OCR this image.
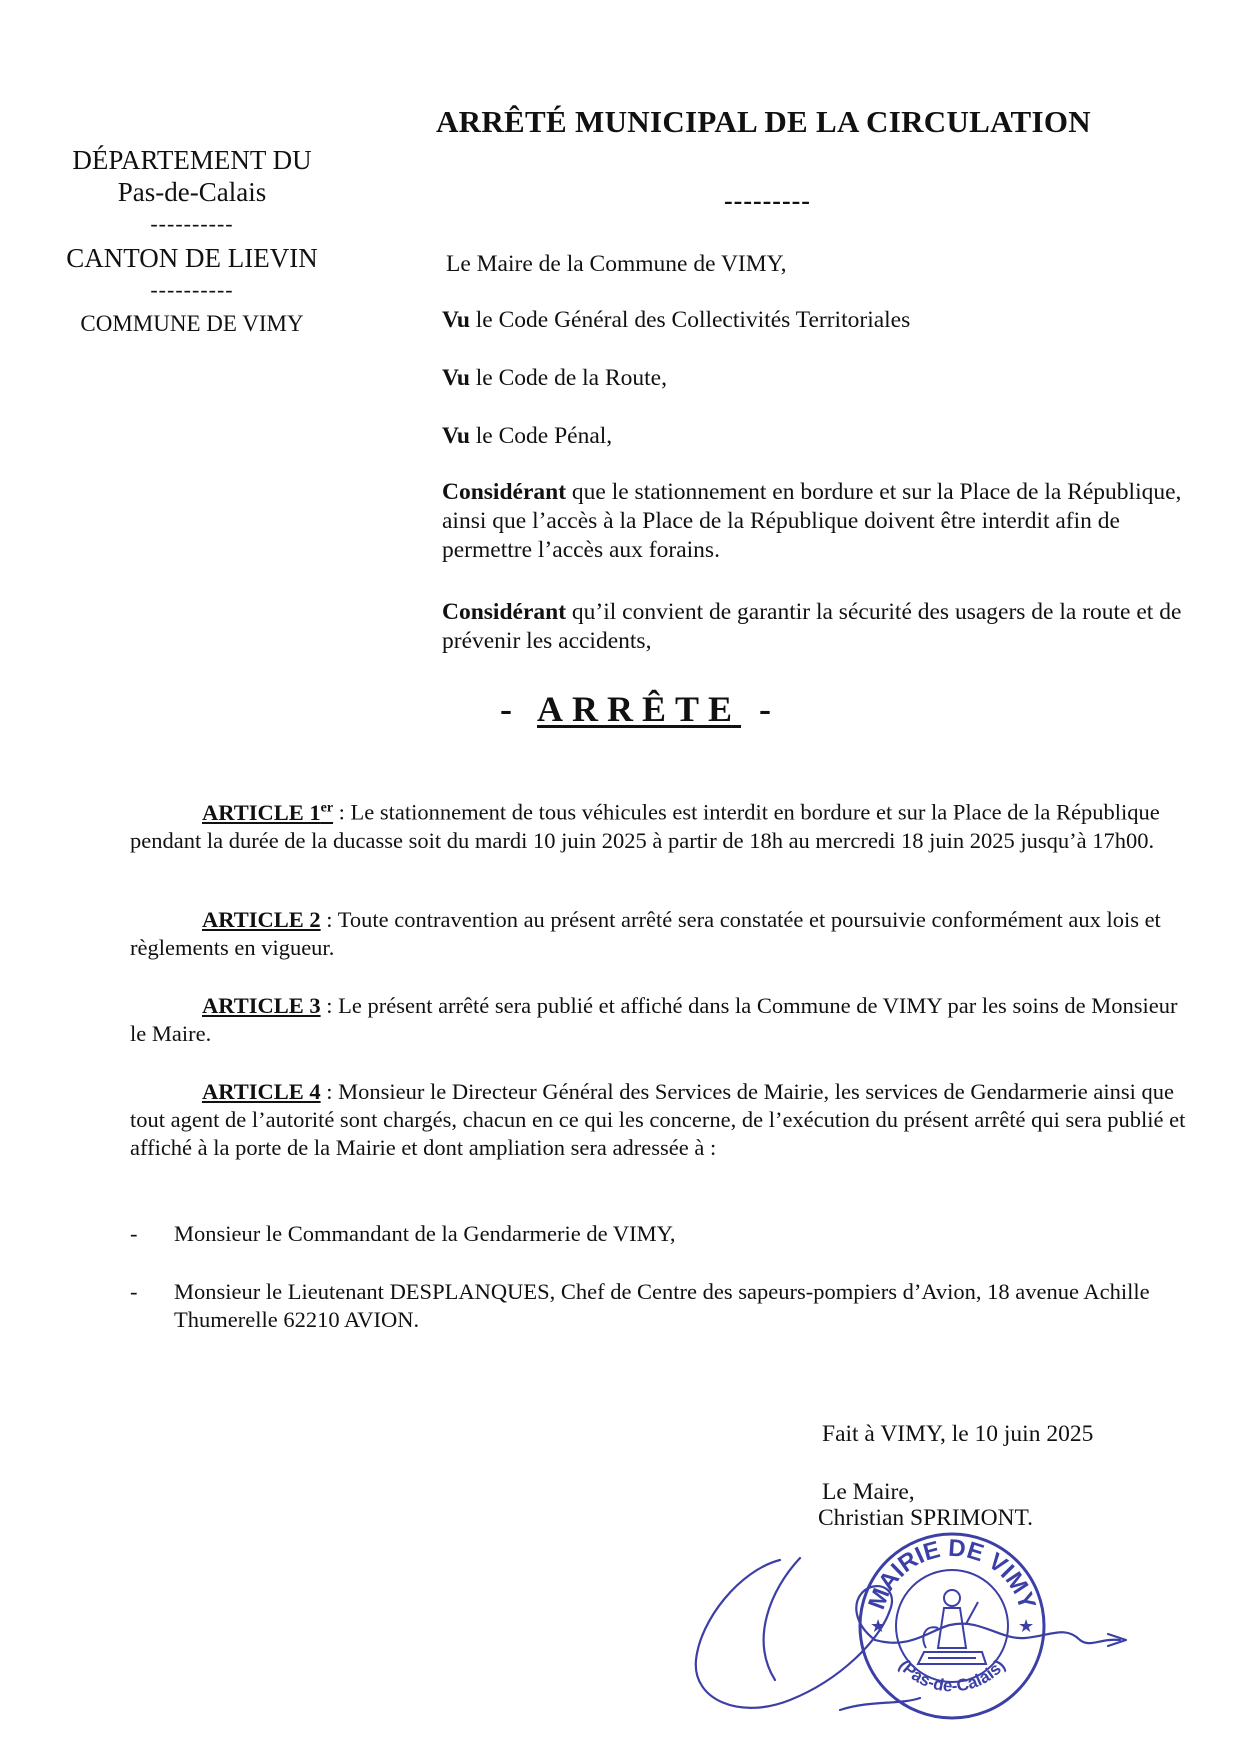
DÉPARTEMENT DU
Pas-de-Calais
----------
CANTON DE LIEVIN
----------
COMMUNE DE VIMY
ARRÊTÉ MUNICIPAL DE LA CIRCULATION
---------
Le Maire de la Commune de VIMY,
Vu le Code Général des Collectivités Territoriales
Vu le Code de la Route,
Vu le Code Pénal,
Considérant que le stationnement en bordure et sur la Place de la République, ainsi que l’accès à la Place de la République doivent être interdit afin de permettre l’accès aux forains.
Considérant qu’il convient de garantir la sécurité des usagers de la route et de prévenir les accidents,
- ARRÊTE -
ARTICLE 1er : Le stationnement de tous véhicules est interdit en bordure et sur la Place de la République pendant la durée de la ducasse soit du mardi 10 juin 2025 à partir de 18h au mercredi 18 juin 2025 jusqu’à 17h00.
ARTICLE 2 : Toute contravention au présent arrêté sera constatée et poursuivie conformément aux lois et règlements en vigueur.
ARTICLE 3 : Le présent arrêté sera publié et affiché dans la Commune de VIMY par les soins de Monsieur le Maire.
ARTICLE 4 : Monsieur le Directeur Général des Services de Mairie, les services de Gendarmerie ainsi que tout agent de l’autorité sont chargés, chacun en ce qui les concerne, de l’exécution du présent arrêté qui sera publié et affiché à la porte de la Mairie et dont ampliation sera adressée à :
- Monsieur le Commandant de la Gendarmerie de VIMY,
- Monsieur le Lieutenant DESPLANQUES, Chef de Centre des sapeurs-pompiers d’Avion, 18 avenue Achille Thumerelle 62210 AVION.
Fait à VIMY, le 10 juin 2025
Le Maire,
Christian SPRIMONT.
MAIRIE DE VIMY
(Pas-de-Calais)
★	★
